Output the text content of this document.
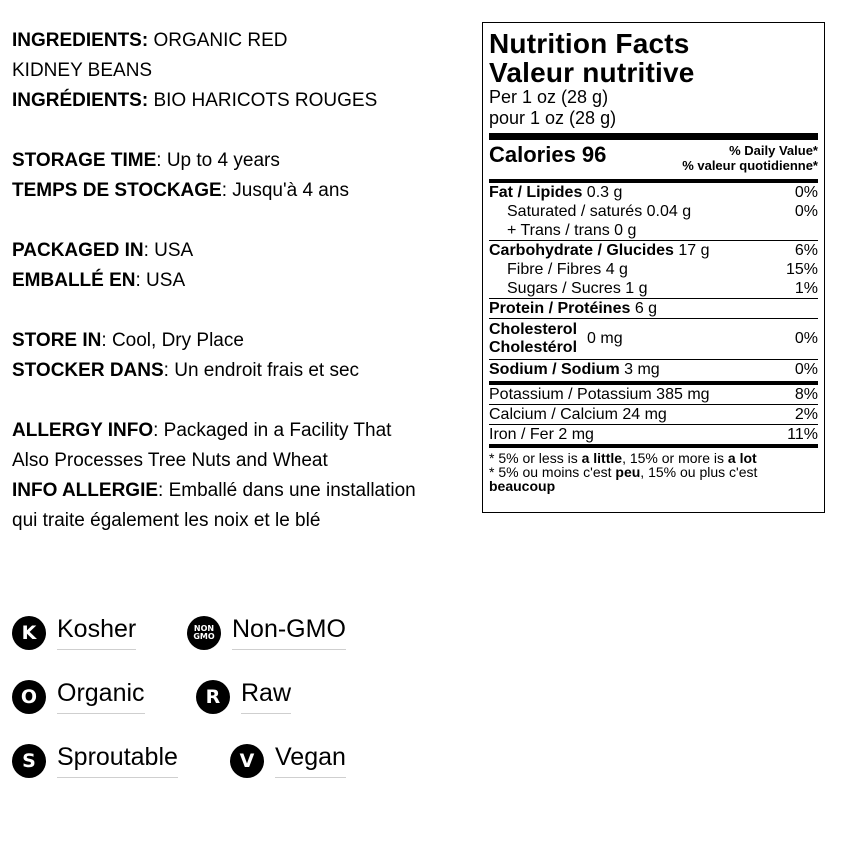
INGREDIENTS: ORGANIC RED
KIDNEY BEANS
INGRÉDIENTS: BIO HARICOTS ROUGES
STORAGE TIME: Up to 4 years
TEMPS DE STOCKAGE: Jusqu'à 4 ans
PACKAGED IN: USA
EMBALLÉ EN: USA
STORE IN: Cool, Dry Place
STOCKER DANS: Un endroit frais et sec
ALLERGY INFO: Packaged in a Facility That
Also Processes Tree Nuts and Wheat
INFO ALLERGIE: Emballé dans une installation
qui traite également les noix et le blé
Nutrition Facts
Valeur nutritive
Per 1 oz (28 g)
pour 1 oz (28 g)
Calories 96	% Daily Value*
% valeur quotidienne*
Fat / Lipides 0.3 g	0%
Saturated / saturés 0.04 g	0%
+ Trans / trans 0 g
Carbohydrate / Glucides 17 g	6%
Fibre / Fibres 4 g	15%
Sugars / Sucres 1 g	1%
Protein / Protéines 6 g
Cholesterol
Cholestérol
0 mg	0%
Sodium / Sodium 3 mg	0%
Potassium / Potassium 385 mg	8%
Calcium / Calcium 24 mg	2%
Iron / Fer 2 mg	11%
* 5% or less is a little, 15% or more is a lot
* 5% ou moins c'est peu, 15% ou plus c'est
beaucoup
K Kosher	NON
GMO Non-GMO
O Organic	R Raw
S Sproutable	V Vegan
